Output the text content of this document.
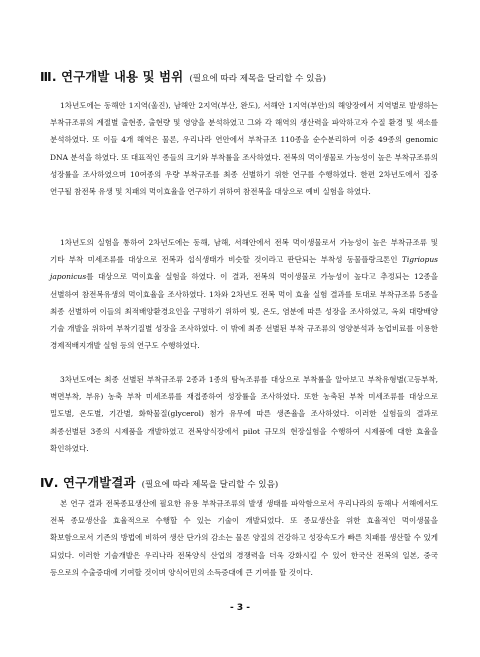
Ⅲ. 연구개발 내용 및 범위 (필요에 따라 제목을 달리할 수 있음)

1차년도에는 동해안 1지역(울진), 남해안 2지역(부산, 완도), 서해안 1지역(부안)의 해양장에서 지역별로 발생하는 부착규조류의 계절별 출현종, 출현량 및 영양을 분석하였고 그와 각 해역의 생산력을 파악하고자 수질 환경 및 색소를 분석하였다. 또 이들 4개 해역은 물론, 우리나라 연안에서 부착규조 110종을 순수분리하여 이중 49종의 genomic DNA 분석을 하였다. 또 대표적인 종들의 크기와 부착률을 조사하였다. 전복의 먹이생물로 가능성이 높은 부착규조류의 성장률을 조사하였으며 10여종의 우량 부착규조를 최종 선별하기 위한 연구를 수행하였다. 한편 2차년도에서 집중 연구될 참전복 유생 및 치패의 먹이효율을 연구하기 위하여 참전복을 대상으로 예비 실험을 하였다.

1차년도의 실험을 통하여 2차년도에는 동해, 남해, 서해안에서 전복 먹이생물로서 가능성이 높은 부착규조류 및 기타 부착 미세조류를 대상으로 전복과 섭식생태가 비슷할 것이라고 판단되는 부착성 동물플랑크톤인 Tigriopus japonicus를 대상으로 먹이효율 실험을 하였다. 이 결과, 전복의 먹이생물로 가능성이 높다고 추정되는 12종을 선별하여 참전복유생의 먹이효율을 조사하였다. 1차와 2차년도 전복 먹이 효율 실험 결과를 토대로 부착규조류 5종을 최종 선별하여 이들의 최적배양환경요인을 구명하기 위하여 빛, 온도, 염분에 따른 성장을 조사하였고, 옥외 대량배양 기술 개발을 위하여 부착기질별 성장을 조사하였다. 이 밖에 최종 선별된 부착 규조류의 영양분석과 농업비료를 이용한 경제적배지개발 실험 등의 연구도 수행하였다.

3차년도에는 최종 선별된 부착규조류 2종과 1종의 탐녹조류를 대상으로 부착률을 알아보고 부착유형별(고등부착, 벽면부착, 부유) 농축 부착 미세조류를 재접종하여 성장률을 조사하였다. 또한 농축된 부착 미세조류를 대상으로 밀도별, 온도별, 기간별, 화학물질(glycerol) 첨가 유무에 따른 생존율을 조사하였다. 이러한 실험들의 결과로 최종선별된 3종의 시제품을 개발하였고 전복양식장에서 pilot 규모의 현장실험을 수행하여 시제품에 대한 효율을 확인하였다.

Ⅳ. 연구개발결과 (필요에 따라 제목을 달리할 수 있음)

본 연구 결과 전복종묘생산에 필요한 유용 부착규조류의 발생 생태를 파악함으로서 우리나라의 동해나 서해에서도 전복 종묘생산을 효율적으로 수행할 수 있는 기술이 개발되었다. 또 종묘생산을 위한 효율적인 먹이생물을 확보함으로서 기존의 방법에 비하여 생산 단가의 감소는 물론 양질의 건강하고 성장속도가 빠른 치패를 생산할 수 있게 되었다. 이러한 기술개발은 우리나라 전복양식 산업의 경쟁력을 더욱 강화시킬 수 있어 한국산 전복의 일본, 중국 등으로의 수출증대에 기여할 것이며 양식어민의 소득증대에 큰 기여를 할 것이다.

- 3 -
